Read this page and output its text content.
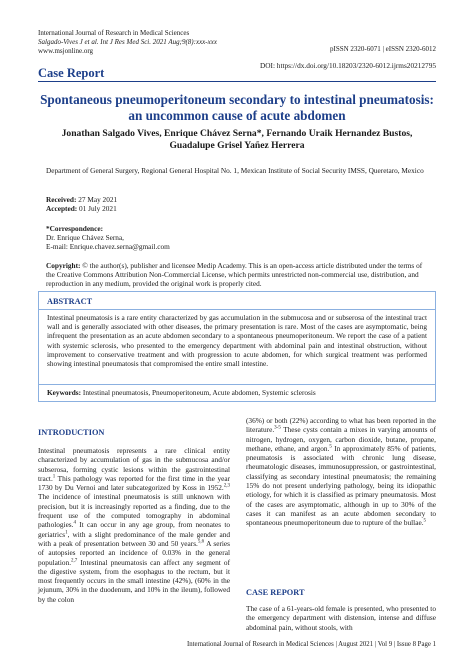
International Journal of Research in Medical Sciences
Salgado-Vives J et al. Int J Res Med Sci. 2021 Aug;9(8):xxx-xxx
www.msjonline.org	pISSN 2320-6071 | eISSN 2320-6012
Case Report
DOI: https://dx.doi.org/10.18203/2320-6012.ijrms20212795
Spontaneous pneumoperitoneum secondary to intestinal pneumatosis:
an uncommon cause of acute abdomen
Jonathan Salgado Vives, Enrique Chávez Serna*, Fernando Uraik Hernandez Bustos,
Guadalupe Grisel Yañez Herrera
Department of General Surgery, Regional General Hospital No. 1, Mexican Institute of Social Security IMSS, Queretaro, Mexico
Received: 27 May 2021
Accepted: 01 July 2021
*Correspondence:
Dr. Enrique Chávez Serna,
E-mail: Enrique.chavez.serna@gmail.com
Copyright: © the author(s), publisher and licensee Medip Academy. This is an open-access article distributed under the terms of the Creative Commons Attribution Non-Commercial License, which permits unrestricted non-commercial use, distribution, and reproduction in any medium, provided the original work is properly cited.
ABSTRACT
Intestinal pneumatosis is a rare entity characterized by gas accumulation in the submucosa and or subserosa of the intestinal tract wall and is generally associated with other diseases, the primary presentation is rare. Most of the cases are asymptomatic, being infrequent the presentation as an acute abdomen secondary to a spontaneous pneumoperitoneum. We report the case of a patient with systemic sclerosis, who presented to the emergency department with abdominal pain and intestinal obstruction, without improvement to conservative treatment and with progression to acute abdomen, for which surgical treatment was performed showing intestinal pneumatosis that compromised the entire small intestine.
Keywords: Intestinal pneumatosis, Pneumoperitoneum, Acute abdomen, Systemic sclerosis
INTRODUCTION
Intestinal pneumatosis represents a rare clinical entity characterized by accumulation of gas in the submucosa and/or subserosa, forming cystic lesions within the gastrointestinal tract.$^1$ This pathology was reported for the first time in the year 1730 by Du Vernoi and later subcategorized by Koss in 1952.$^{2,3}$ The incidence of intestinal pneumatosis is still unknown with precision, but it is increasingly reported as a finding, due to the frequent use of the computed tomography in abdominal pathologies.$^4$ It can occur in any age group, from neonates to geriatrics$^1$, with a slight predominance of the male gender and with a peak of presentation between 30 and 50 years.$^{5,6}$ A series of autopsies reported an incidence of 0.03% in the general population.$^{2,7}$ Intestinal pneumatosis can affect any segment of the digestive system, from the esophagus to the rectum, but it most frequently occurs in the small intestine (42%), (60% in the jejunum, 30% in the duodenum, and 10% in the ileum), followed by the colon
(36%) or both (22%) according to what has been reported in the literature.$^{3-5}$ These cysts contain a mixes in varying amounts of nitrogen, hydrogen, oxygen, carbon dioxide, butane, propane, methane, ethane, and argon.$^5$ In approximately 85% of patients, pneumatosis is associated with chronic lung disease, rheumatologic diseases, immunosuppression, or gastrointestinal, classifying as secondary intestinal pneumatosis; the remaining 15% do not present underlying pathology, being its idiopathic etiology, for which it is classified as primary pneumatosis. Most of the cases are asymptomatic, although in up to 30% of the cases it can manifest as an acute abdomen secondary to spontaneous pneumoperitoneum due to rupture of the bullae.$^5$
CASE REPORT
The case of a 61-years-old female is presented, who presented to the emergency department with distension, intense and diffuse abdominal pain, without stools, with
International Journal of Research in Medical Sciences | August 2021 | Vol 9 | Issue 8 Page 1
